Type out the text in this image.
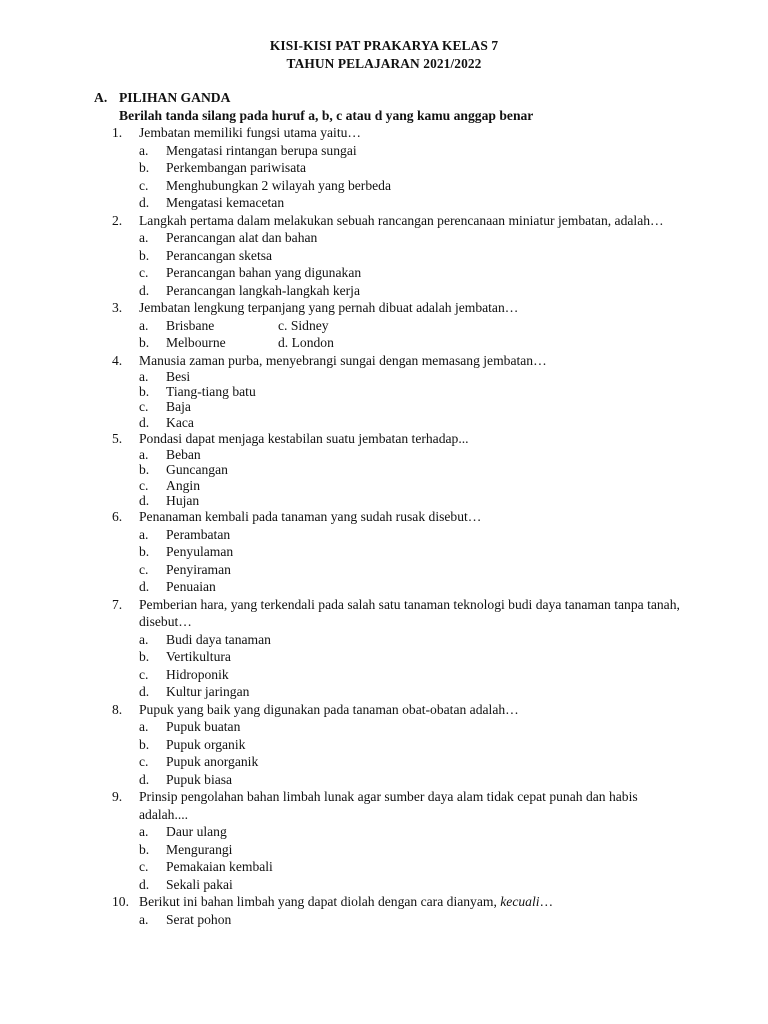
KISI-KISI PAT PRAKARYA KELAS 7
TAHUN PELAJARAN 2021/2022
A. PILIHAN GANDA
Berilah tanda silang pada huruf a, b, c atau d yang kamu anggap benar
1.	Jembatan memiliki fungsi utama yaitu…
a. Mengatasi rintangan berupa sungai
b. Perkembangan pariwisata
c. Menghubungkan 2 wilayah yang berbeda
d. Mengatasi kemacetan
2.	Langkah pertama dalam melakukan sebuah rancangan perencanaan miniatur jembatan, adalah…
a. Perancangan alat dan bahan
b. Perancangan sketsa
c. Perancangan bahan yang digunakan
d. Perancangan langkah-langkah kerja
3.	Jembatan lengkung terpanjang yang pernah dibuat adalah jembatan…
a. Brisbane	c. Sidney
b. Melbourne	d. London
4.	Manusia zaman purba, menyebrangi sungai dengan memasang jembatan…
a. Besi
b. Tiang-tiang batu
c. Baja
d. Kaca
5.	Pondasi dapat menjaga kestabilan suatu jembatan terhadap...
a. Beban
b. Guncangan
c. Angin
d. Hujan
6.	Penanaman kembali pada tanaman yang sudah rusak disebut…
a. Perambatan
b. Penyulaman
c. Penyiraman
d. Penuaian
7.	Pemberian hara, yang terkendali pada salah satu tanaman teknologi budi daya tanaman tanpa tanah, disebut…
a. Budi daya tanaman
b. Vertikultura
c. Hidroponik
d. Kultur jaringan
8.	Pupuk yang baik yang digunakan pada tanaman obat-obatan adalah…
a. Pupuk buatan
b. Pupuk organik
c. Pupuk anorganik
d. Pupuk biasa
9.	Prinsip pengolahan bahan limbah lunak agar sumber daya alam tidak cepat punah dan habis adalah....
a. Daur ulang
b. Mengurangi
c. Pemakaian kembali
d. Sekali pakai
10. Berikut ini bahan limbah yang dapat diolah dengan cara dianyam, kecuali…
a. Serat pohon
